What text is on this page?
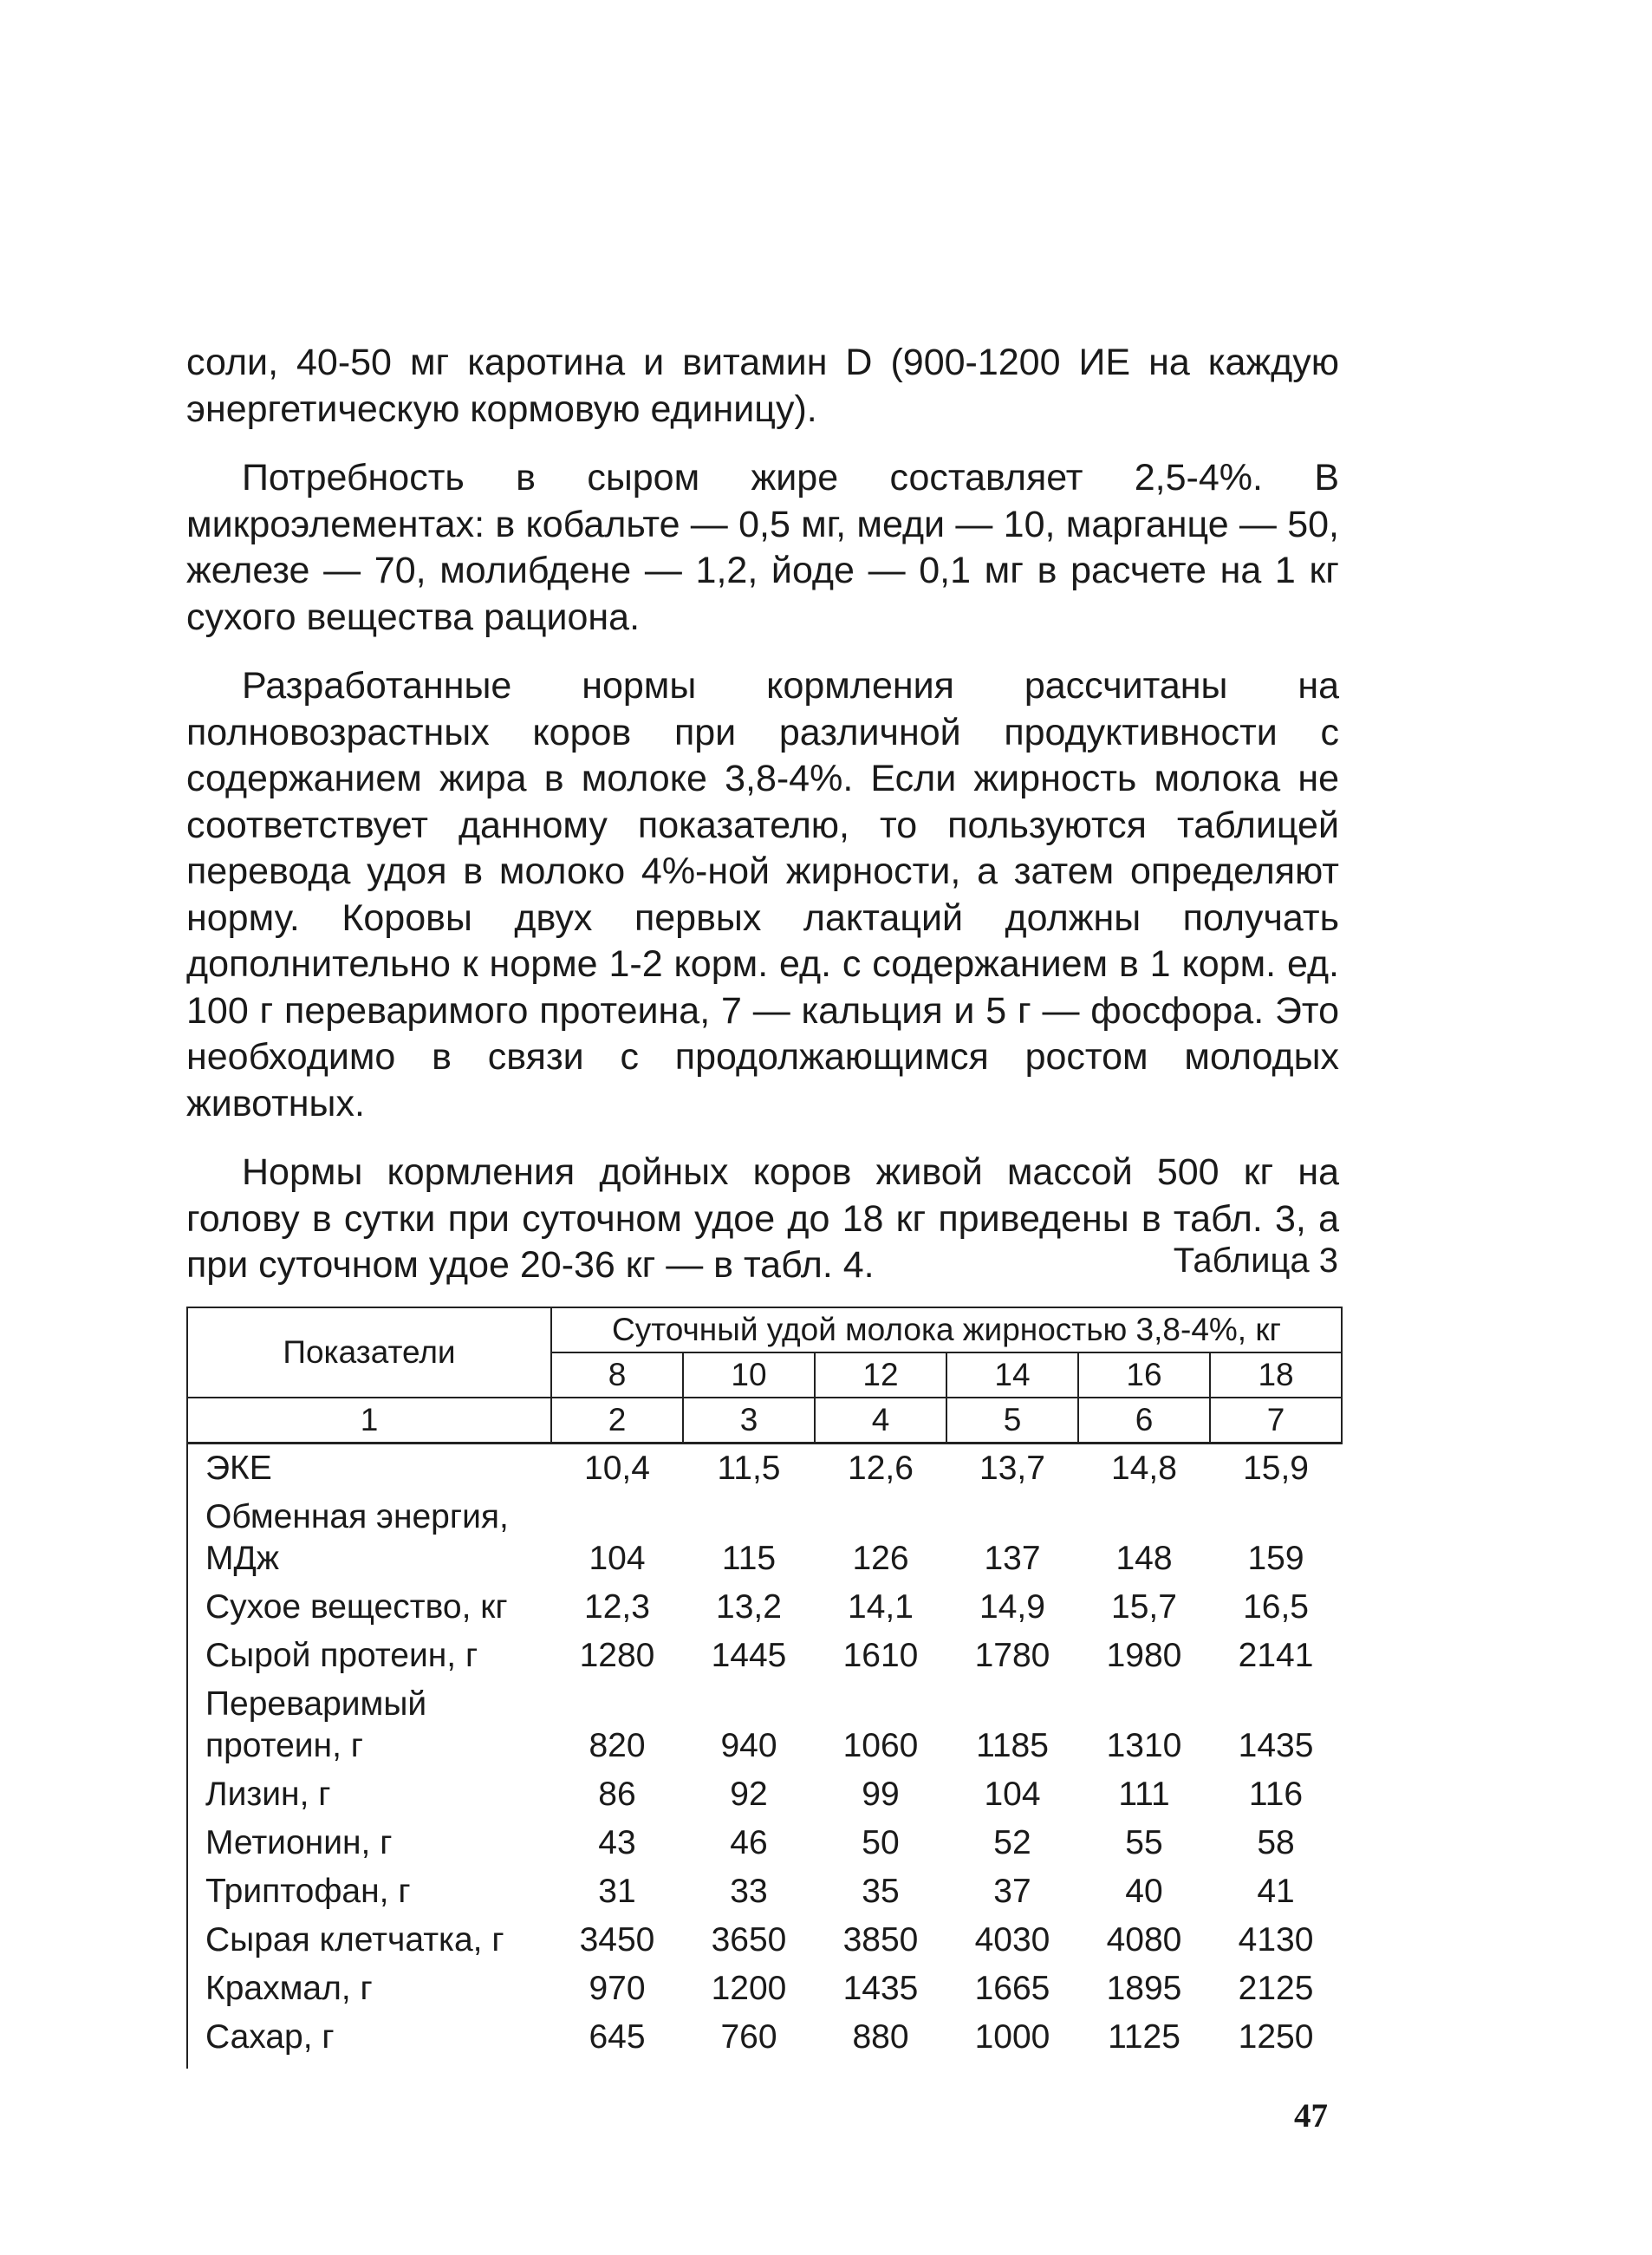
соли, 40-50 мг каротина и витамин D (900-1200 ИЕ на каждую энергетическую кормовую единицу).

Потребность в сыром жире составляет 2,5-4%. В микроэлементах: в кобальте — 0,5 мг, меди — 10, марганце — 50, железе — 70, молибдене — 1,2, йоде — 0,1 мг в расчете на 1 кг сухого вещества рациона.

Разработанные нормы кормления рассчитаны на полновозрастных коров при различной продуктивности с содержанием жира в молоке 3,8-4%. Если жирность молока не соответствует данному показателю, то пользуются таблицей перевода удоя в молоко 4%-ной жирности, а затем определяют норму. Коровы двух первых лактаций должны получать дополнительно к норме 1-2 корм. ед. с содержанием в 1 корм. ед. 100 г переваримого протеина, 7 — кальция и 5 г — фосфора. Это необходимо в связи с продолжающимся ростом молодых животных.

Нормы кормления дойных коров живой массой 500 кг на голову в сутки при суточном удое до 18 кг приведены в табл. 3, а при суточном удое 20-36 кг — в табл. 4.	Таблица 3
Показатели	Суточный удой молока жирностью 3,8-4%, кг					
	8	10	12	14	16	18
1	2	3	4	5	6	7
ЭКЕ	10,4	11,5	12,6	13,7	14,8	15,9
Обменная энергия, МДж	104	115	126	137	148	159
Сухое вещество, кг	12,3	13,2	14,1	14,9	15,7	16,5
Сырой протеин, г	1280	1445	1610	1780	1980	2141
Переваримый протеин, г	820	940	1060	1185	1310	1435
Лизин, г	86	92	99	104	111	116
Метионин, г	43	46	50	52	55	58
Триптофан, г	31	33	35	37	40	41
Сырая клетчатка, г	3450	3650	3850	4030	4080	4130
Крахмал, г	970	1200	1435	1665	1895	2125
Сахар, г	645	760	880	1000	1125	1250
47
